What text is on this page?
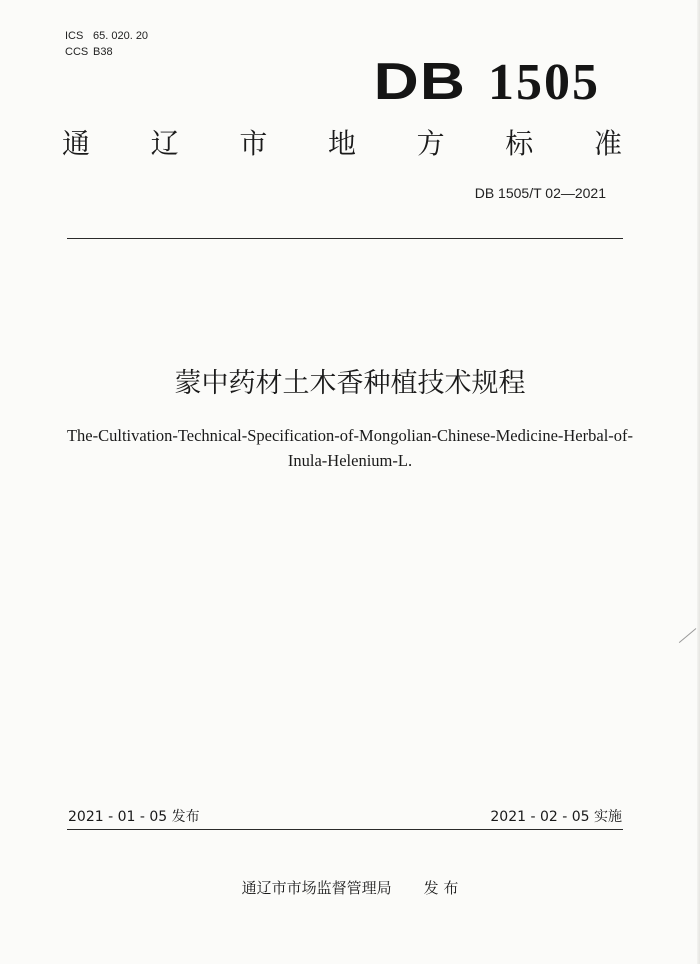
ICS 65. 020. 20
CCS B38
DB 1505
通 辽 市 地 方 标 准
DB 1505/T 02—2021
蒙中药材土木香种植技术规程
The-Cultivation-Technical-Specification-of-Mongolian-Chinese-Medicine-Herbal-of-
Inula-Helenium-L.
2021 - 01 - 05 发布	2021 - 02 - 05 实施
通辽市市场监督管理局 发 布
